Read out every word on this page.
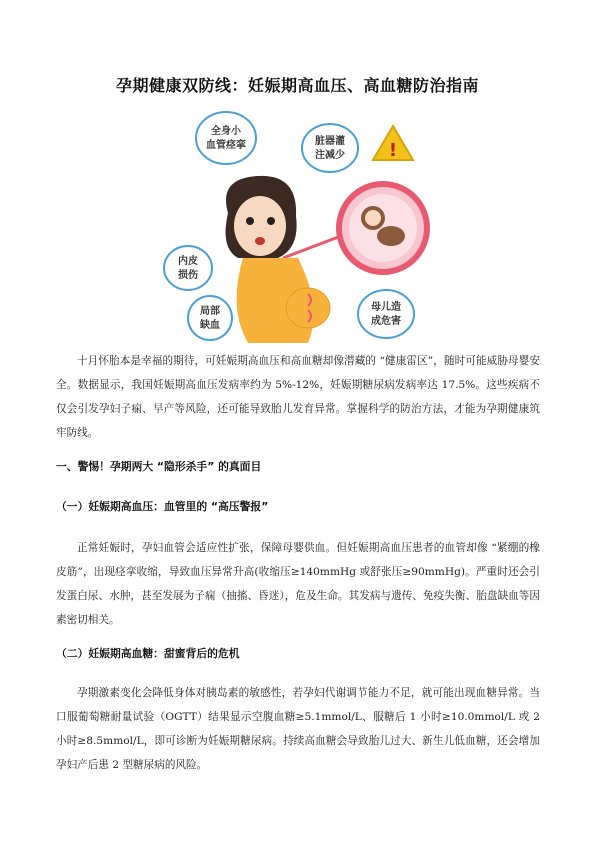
孕期健康双防线：妊娠期高血压、高血糖防治指南
全身小
血管痉挛	脏器灌
注减少 !
内皮
损伤
局部
缺血
母儿造
成危害

十月怀胎本是幸福的期待，可妊娠期高血压和高血糖却像潜藏的 “健康雷区”，随时可能威胁母婴安全。数据显示，我国妊娠期高血压发病率约为 5%-12%，妊娠期糖尿病发病率达 17.5%。这些疾病不仅会引发孕妇子痫、早产等风险，还可能导致胎儿发育异常。掌握科学的防治方法，才能为孕期健康筑牢防线。

一、警惕！孕期两大 “隐形杀手” 的真面目
（一）妊娠期高血压：血管里的 “高压警报”

正常妊娠时，孕妇血管会适应性扩张，保障母婴供血。但妊娠期高血压患者的血管却像 “紧绷的橡皮筋”，出现痉挛收缩，导致血压异常升高(收缩压≥140mmHg 或舒张压≥90mmHg)。严重时还会引发蛋白尿、水肿，甚至发展为子痫（抽搐、昏迷），危及生命。其发病与遗传、免疫失衡、胎盘缺血等因素密切相关。

（二）妊娠期高血糖：甜蜜背后的危机

孕期激素变化会降低身体对胰岛素的敏感性，若孕妇代谢调节能力不足，就可能出现血糖异常。当口服葡萄糖耐量试验（OGTT）结果显示空腹血糖≥5.1mmol/L、服糖后 1 小时≥10.0mmol/L 或 2 小时≥8.5mmol/L，即可诊断为妊娠期糖尿病。持续高血糖会导致胎儿过大、新生儿低血糖，还会增加孕妇产后患 2 型糖尿病的风险。
